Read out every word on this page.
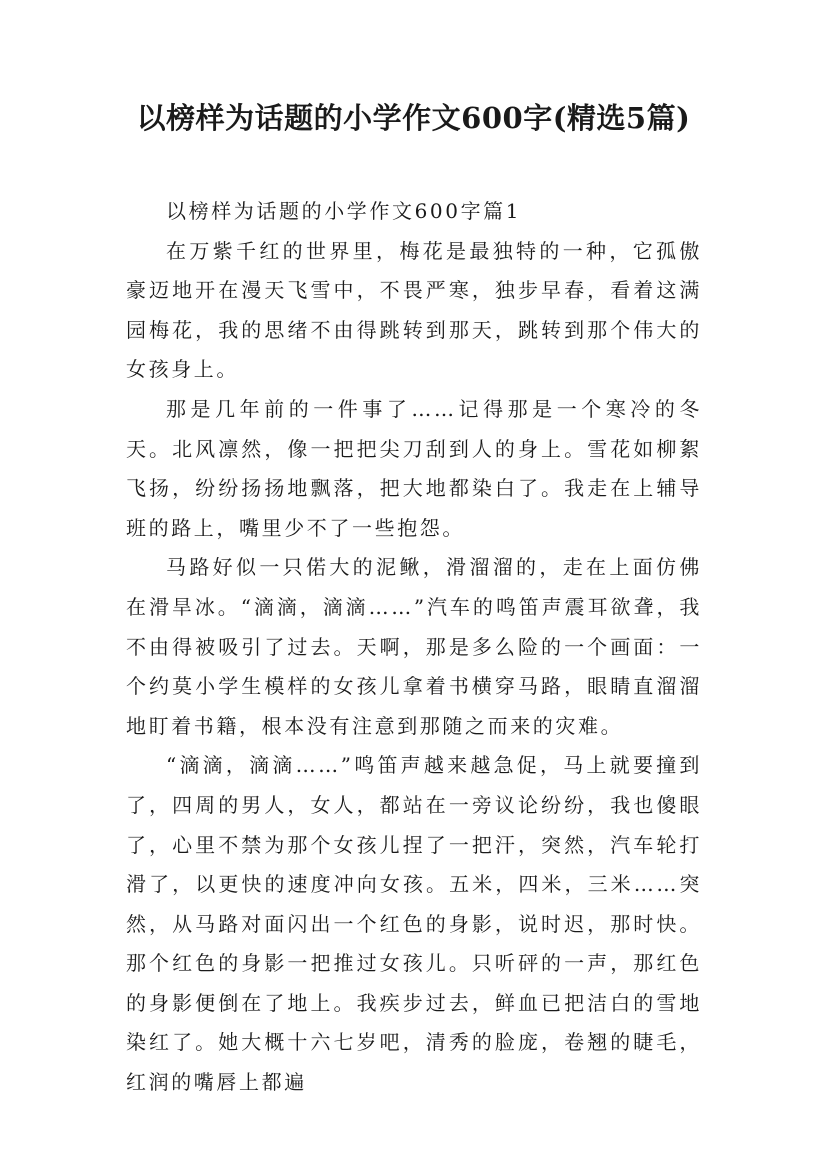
以榜样为话题的小学作文600字(精选5篇)

以榜样为话题的小学作文600字篇1

在万紫千红的世界里，梅花是最独特的一种，它孤傲豪迈地开在漫天飞雪中，不畏严寒，独步早春，看着这满园梅花，我的思绪不由得跳转到那天，跳转到那个伟大的女孩身上。

那是几年前的一件事了……记得那是一个寒冷的冬天。北风凛然，像一把把尖刀刮到人的身上。雪花如柳絮飞扬，纷纷扬扬地飘落，把大地都染白了。我走在上辅导班的路上，嘴里少不了一些抱怨。

马路好似一只偌大的泥鳅，滑溜溜的，走在上面仿佛在滑旱冰。“滴滴，滴滴……”汽车的鸣笛声震耳欲聋，我不由得被吸引了过去。天啊，那是多么险的一个画面：一个约莫小学生模样的女孩儿拿着书横穿马路，眼睛直溜溜地盯着书籍，根本没有注意到那随之而来的灾难。

“滴滴，滴滴……”鸣笛声越来越急促，马上就要撞到了，四周的男人，女人，都站在一旁议论纷纷，我也傻眼了，心里不禁为那个女孩儿捏了一把汗，突然，汽车轮打滑了，以更快的速度冲向女孩。五米，四米，三米……突然，从马路对面闪出一个红色的身影，说时迟，那时快。那个红色的身影一把推过女孩儿。只听砰的一声，那红色的身影便倒在了地上。我疾步过去，鲜血已把洁白的雪地染红了。她大概十六七岁吧，清秀的脸庞，卷翘的睫毛，红润的嘴唇上都遍
